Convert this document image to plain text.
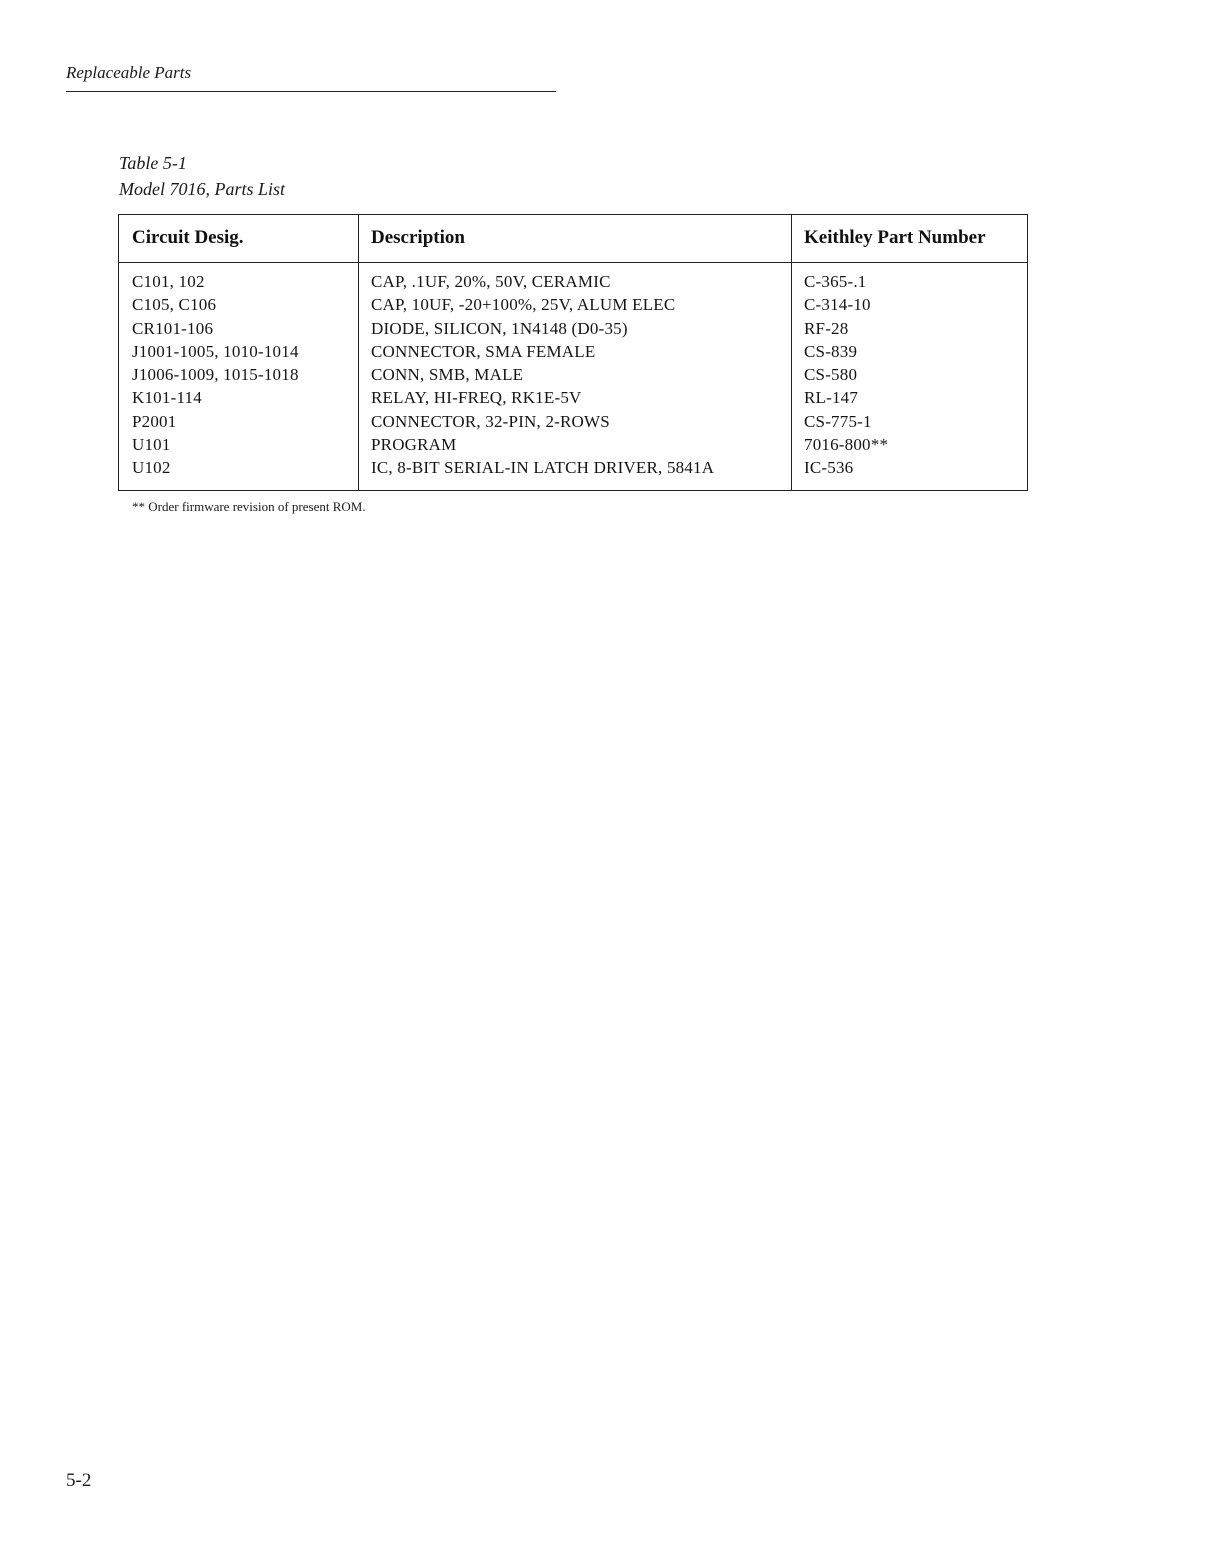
Replaceable Parts
Table 5-1
Model 7016, Parts List
Circuit Desig.	Description	Keithley Part Number
C101, 102	CAP, .1UF, 20%, 50V, CERAMIC	C-365-.1
C105, C106	CAP, 10UF, -20+100%, 25V, ALUM ELEC	C-314-10
CR101-106	DIODE, SILICON, 1N4148 (D0-35)	RF-28
J1001-1005, 1010-1014	CONNECTOR, SMA FEMALE	CS-839
J1006-1009, 1015-1018	CONN, SMB, MALE	CS-580
K101-114	RELAY, HI-FREQ, RK1E-5V	RL-147
P2001	CONNECTOR, 32-PIN, 2-ROWS	CS-775-1
U101	PROGRAM	7016-800**
U102	IC, 8-BIT SERIAL-IN LATCH DRIVER, 5841A	IC-536
** Order firmware revision of present ROM.
5-2
